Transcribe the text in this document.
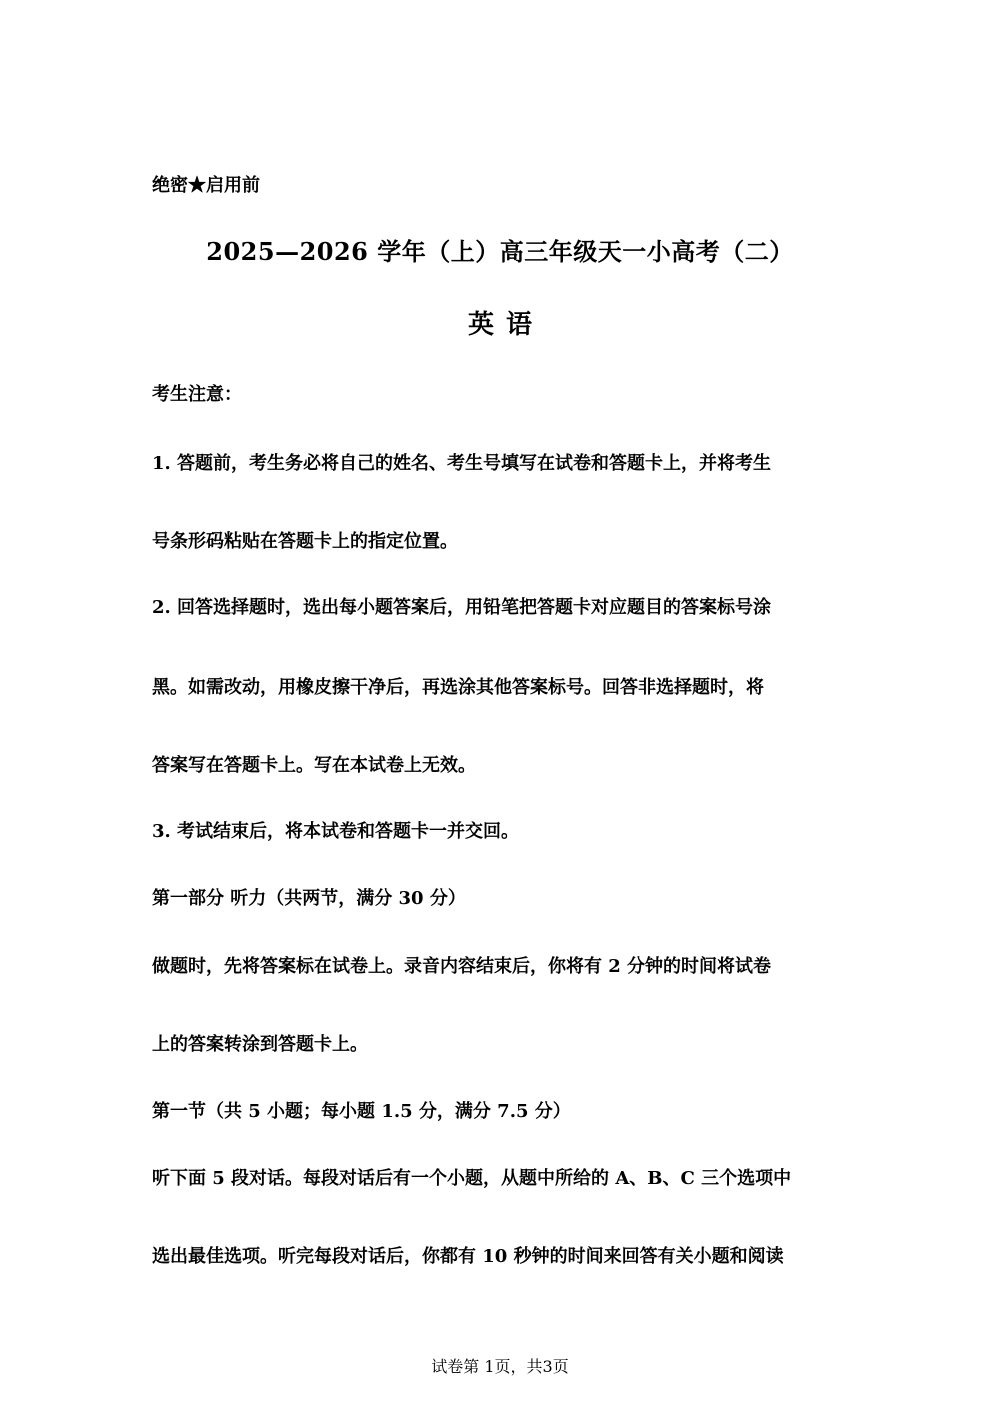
绝密★启用前
2025—2026 学年（上）高三年级天一小高考（二）
英语
考生注意：
1. 答题前，考生务必将自己的姓名、考生号填写在试卷和答题卡上，并将考生
号条形码粘贴在答题卡上的指定位置。
2. 回答选择题时，选出每小题答案后，用铅笔把答题卡对应题目的答案标号涂
黑。如需改动，用橡皮擦干净后，再选涂其他答案标号。回答非选择题时，将
答案写在答题卡上。写在本试卷上无效。
3. 考试结束后，将本试卷和答题卡一并交回。
第一部分 听力（共两节，满分 30 分）
做题时，先将答案标在试卷上。录音内容结束后，你将有 2 分钟的时间将试卷
上的答案转涂到答题卡上。
第一节（共 5 小题；每小题 1.5 分，满分 7.5 分）
听下面 5 段对话。每段对话后有一个小题，从题中所给的 A、B、C 三个选项中
选出最佳选项。听完每段对话后，你都有 10 秒钟的时间来回答有关小题和阅读
试卷第 1页，共3页
